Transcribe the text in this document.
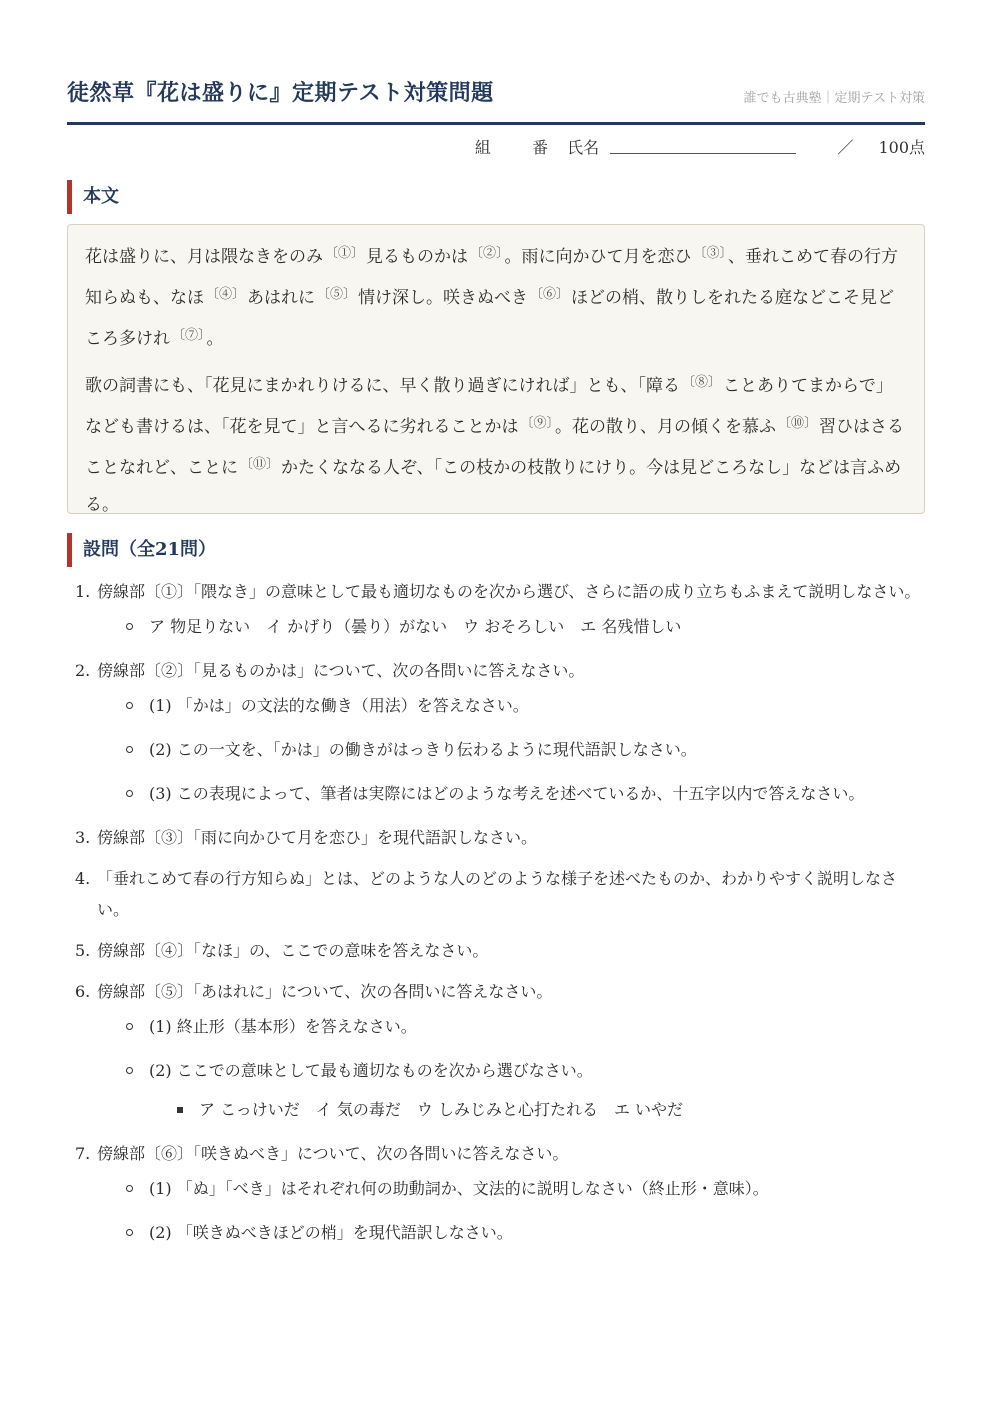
徒然草『花は盛りに』定期テスト対策問題	誰でも古典塾｜定期テスト対策
組	番 氏名	／ 100点
本文

花は盛りに、月は隈なきをのみ 〔①〕 見るものかは 〔②〕 。雨に向かひて月を恋ひ 〔③〕 、垂れこめて春の行方知らぬも、なほ 〔④〕 あはれに 〔⑤〕 情け深し。咲きぬべき 〔⑥〕 ほどの梢、散りしをれたる庭などこそ見どころ多けれ 〔⑦〕 。

歌の詞書にも、「花見にまかれりけるに、早く散り過ぎにければ」とも、「障る 〔⑧〕 ことありてまからで」なども書けるは、「花を見て」と言へるに劣れることかは 〔⑨〕 。花の散り、月の傾くを慕ふ 〔⑩〕 習ひはさることなれど、ことに 〔⑪〕 かたくななる人ぞ、「この枝かの枝散りにけり。今は見どころなし」などは言ふめる。

設問（全21問）
1. 傍線部〔①〕「隈なき」の意味として最も適切なものを次から選び、さらに語の成り立ちもふまえて説明しなさい。
ア 物足りない　イ かげり（曇り）がない　ウ おそろしい　エ 名残惜しい
2. 傍線部〔②〕「見るものかは」について、次の各問いに答えなさい。
(1) 「かは」の文法的な働き（用法）を答えなさい。
(2) この一文を、「かは」の働きがはっきり伝わるように現代語訳しなさい。
(3) この表現によって、筆者は実際にはどのような考えを述べているか、十五字以内で答えなさい。
3. 傍線部〔③〕「雨に向かひて月を恋ひ」を現代語訳しなさい。
4. 「垂れこめて春の行方知らぬ」とは、どのような人のどのような様子を述べたものか、わかりやすく説明しなさい。
5. 傍線部〔④〕「なほ」の、ここでの意味を答えなさい。
6. 傍線部〔⑤〕「あはれに」について、次の各問いに答えなさい。
(1) 終止形（基本形）を答えなさい。
(2) ここでの意味として最も適切なものを次から選びなさい。
ア こっけいだ　イ 気の毒だ　ウ しみじみと心打たれる　エ いやだ
7. 傍線部〔⑥〕「咲きぬべき」について、次の各問いに答えなさい。
(1) 「ぬ」「べき」はそれぞれ何の助動詞か、文法的に説明しなさい（終止形・意味）。
(2) 「咲きぬべきほどの梢」を現代語訳しなさい。
